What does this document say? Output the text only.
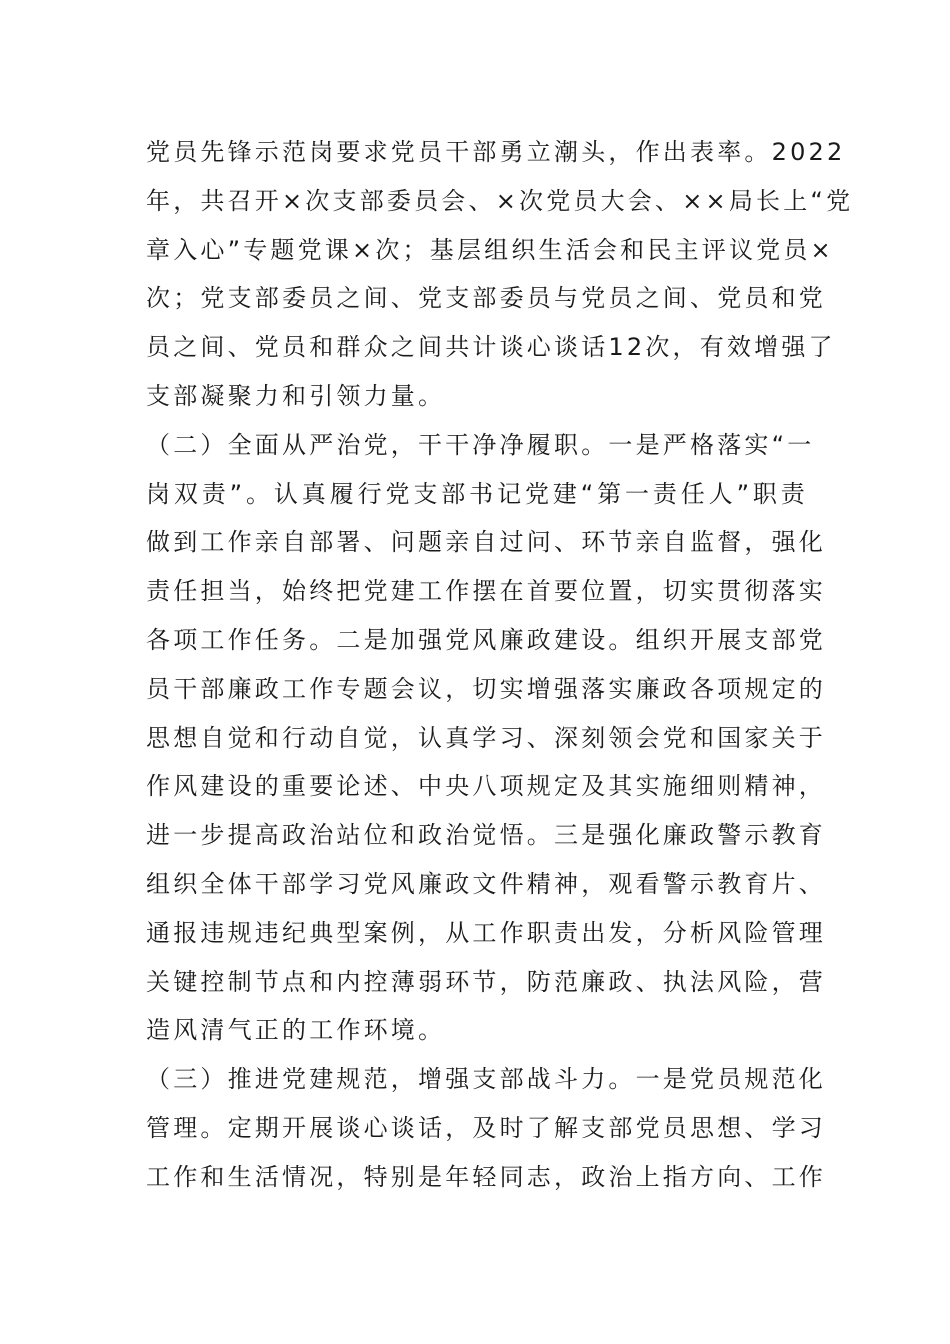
党员先锋示范岗要求党员干部勇立潮头，作出表率。2022
年，共召开×次支部委员会、×次党员大会、××局长上“党
章入心”专题党课×次；基层组织生活会和民主评议党员×
次；党支部委员之间、党支部委员与党员之间、党员和党
员之间、党员和群众之间共计谈心谈话12次，有效增强了
支部凝聚力和引领力量。
（二）全面从严治党，干干净净履职。一是严格落实“一
岗双责”。认真履行党支部书记党建“第一责任人”职责
做到工作亲自部署、问题亲自过问、环节亲自监督，强化
责任担当，始终把党建工作摆在首要位置，切实贯彻落实
各项工作任务。二是加强党风廉政建设。组织开展支部党
员干部廉政工作专题会议，切实增强落实廉政各项规定的
思想自觉和行动自觉，认真学习、深刻领会党和国家关于
作风建设的重要论述、中央八项规定及其实施细则精神，
进一步提高政治站位和政治觉悟。三是强化廉政警示教育
组织全体干部学习党风廉政文件精神，观看警示教育片、
通报违规违纪典型案例，从工作职责出发，分析风险管理
关键控制节点和内控薄弱环节，防范廉政、执法风险，营
造风清气正的工作环境。
（三）推进党建规范，增强支部战斗力。一是党员规范化
管理。定期开展谈心谈话，及时了解支部党员思想、学习
工作和生活情况，特别是年轻同志，政治上指方向、工作
